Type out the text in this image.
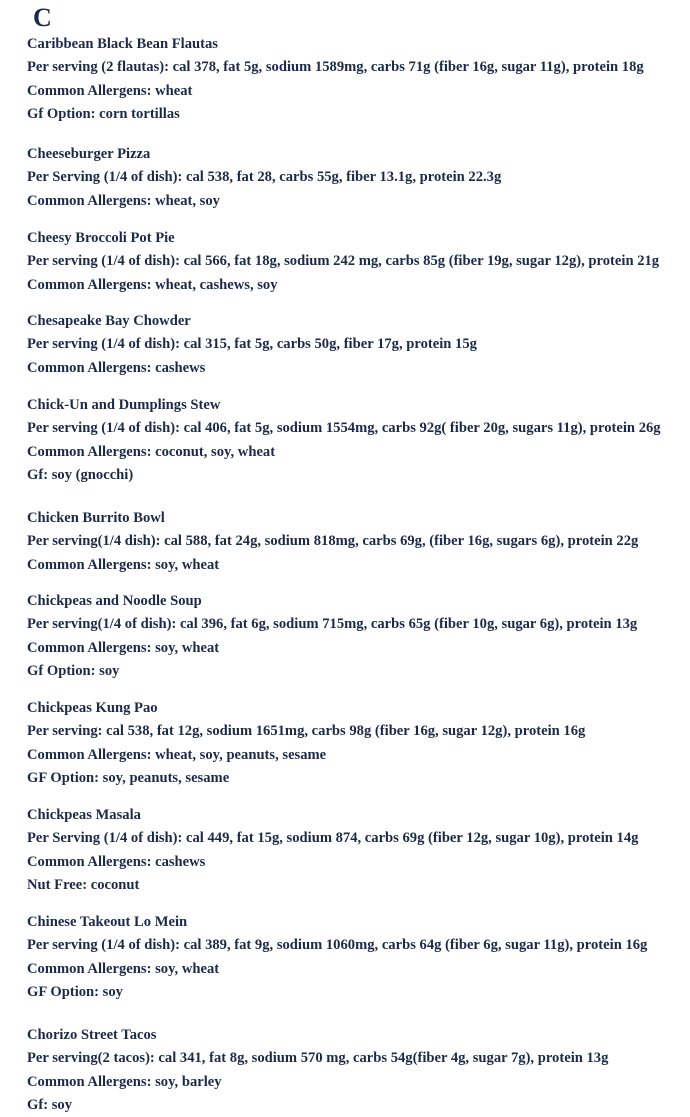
C
Caribbean Black Bean Flautas
Per serving (2 flautas): cal 378, fat 5g, sodium 1589mg, carbs 71g (fiber 16g, sugar 11g), protein 18g
Common Allergens: wheat
Gf Option: corn tortillas
Cheeseburger Pizza
Per Serving (1/4 of dish): cal 538, fat 28, carbs 55g, fiber 13.1g, protein 22.3g
Common Allergens: wheat, soy
Cheesy Broccoli Pot Pie
Per serving (1/4 of dish): cal 566, fat 18g, sodium 242 mg, carbs 85g (fiber 19g, sugar 12g), protein 21g
Common Allergens: wheat, cashews, soy
Chesapeake Bay Chowder
Per serving (1/4 of dish): cal 315, fat 5g, carbs 50g, fiber 17g, protein 15g
Common Allergens: cashews
Chick-Un and Dumplings Stew
Per serving (1/4 of dish): cal 406, fat 5g, sodium 1554mg, carbs 92g( fiber 20g, sugars 11g), protein 26g
Common Allergens: coconut, soy, wheat
Gf: soy (gnocchi)
Chicken Burrito Bowl
Per serving(1/4 dish): cal 588, fat 24g, sodium 818mg, carbs 69g, (fiber 16g, sugars 6g), protein 22g
Common Allergens: soy, wheat
Chickpeas and Noodle Soup
Per serving(1/4 of dish): cal 396, fat 6g, sodium 715mg, carbs 65g (fiber 10g, sugar 6g), protein 13g
Common Allergens: soy, wheat
Gf Option: soy
Chickpeas Kung Pao
Per serving: cal 538, fat 12g, sodium 1651mg, carbs 98g (fiber 16g, sugar 12g), protein 16g
Common Allergens: wheat, soy, peanuts, sesame
GF Option: soy, peanuts, sesame
Chickpeas Masala
Per Serving (1/4 of dish): cal 449, fat 15g, sodium 874, carbs 69g (fiber 12g, sugar 10g), protein 14g
Common Allergens: cashews
Nut Free: coconut
Chinese Takeout Lo Mein
Per serving (1/4 of dish): cal 389, fat 9g, sodium 1060mg, carbs 64g (fiber 6g, sugar 11g), protein 16g
Common Allergens: soy, wheat
GF Option: soy
Chorizo Street Tacos
Per serving(2 tacos): cal 341, fat 8g, sodium 570 mg, carbs 54g(fiber 4g, sugar 7g), protein 13g
Common Allergens: soy, barley
Gf: soy
